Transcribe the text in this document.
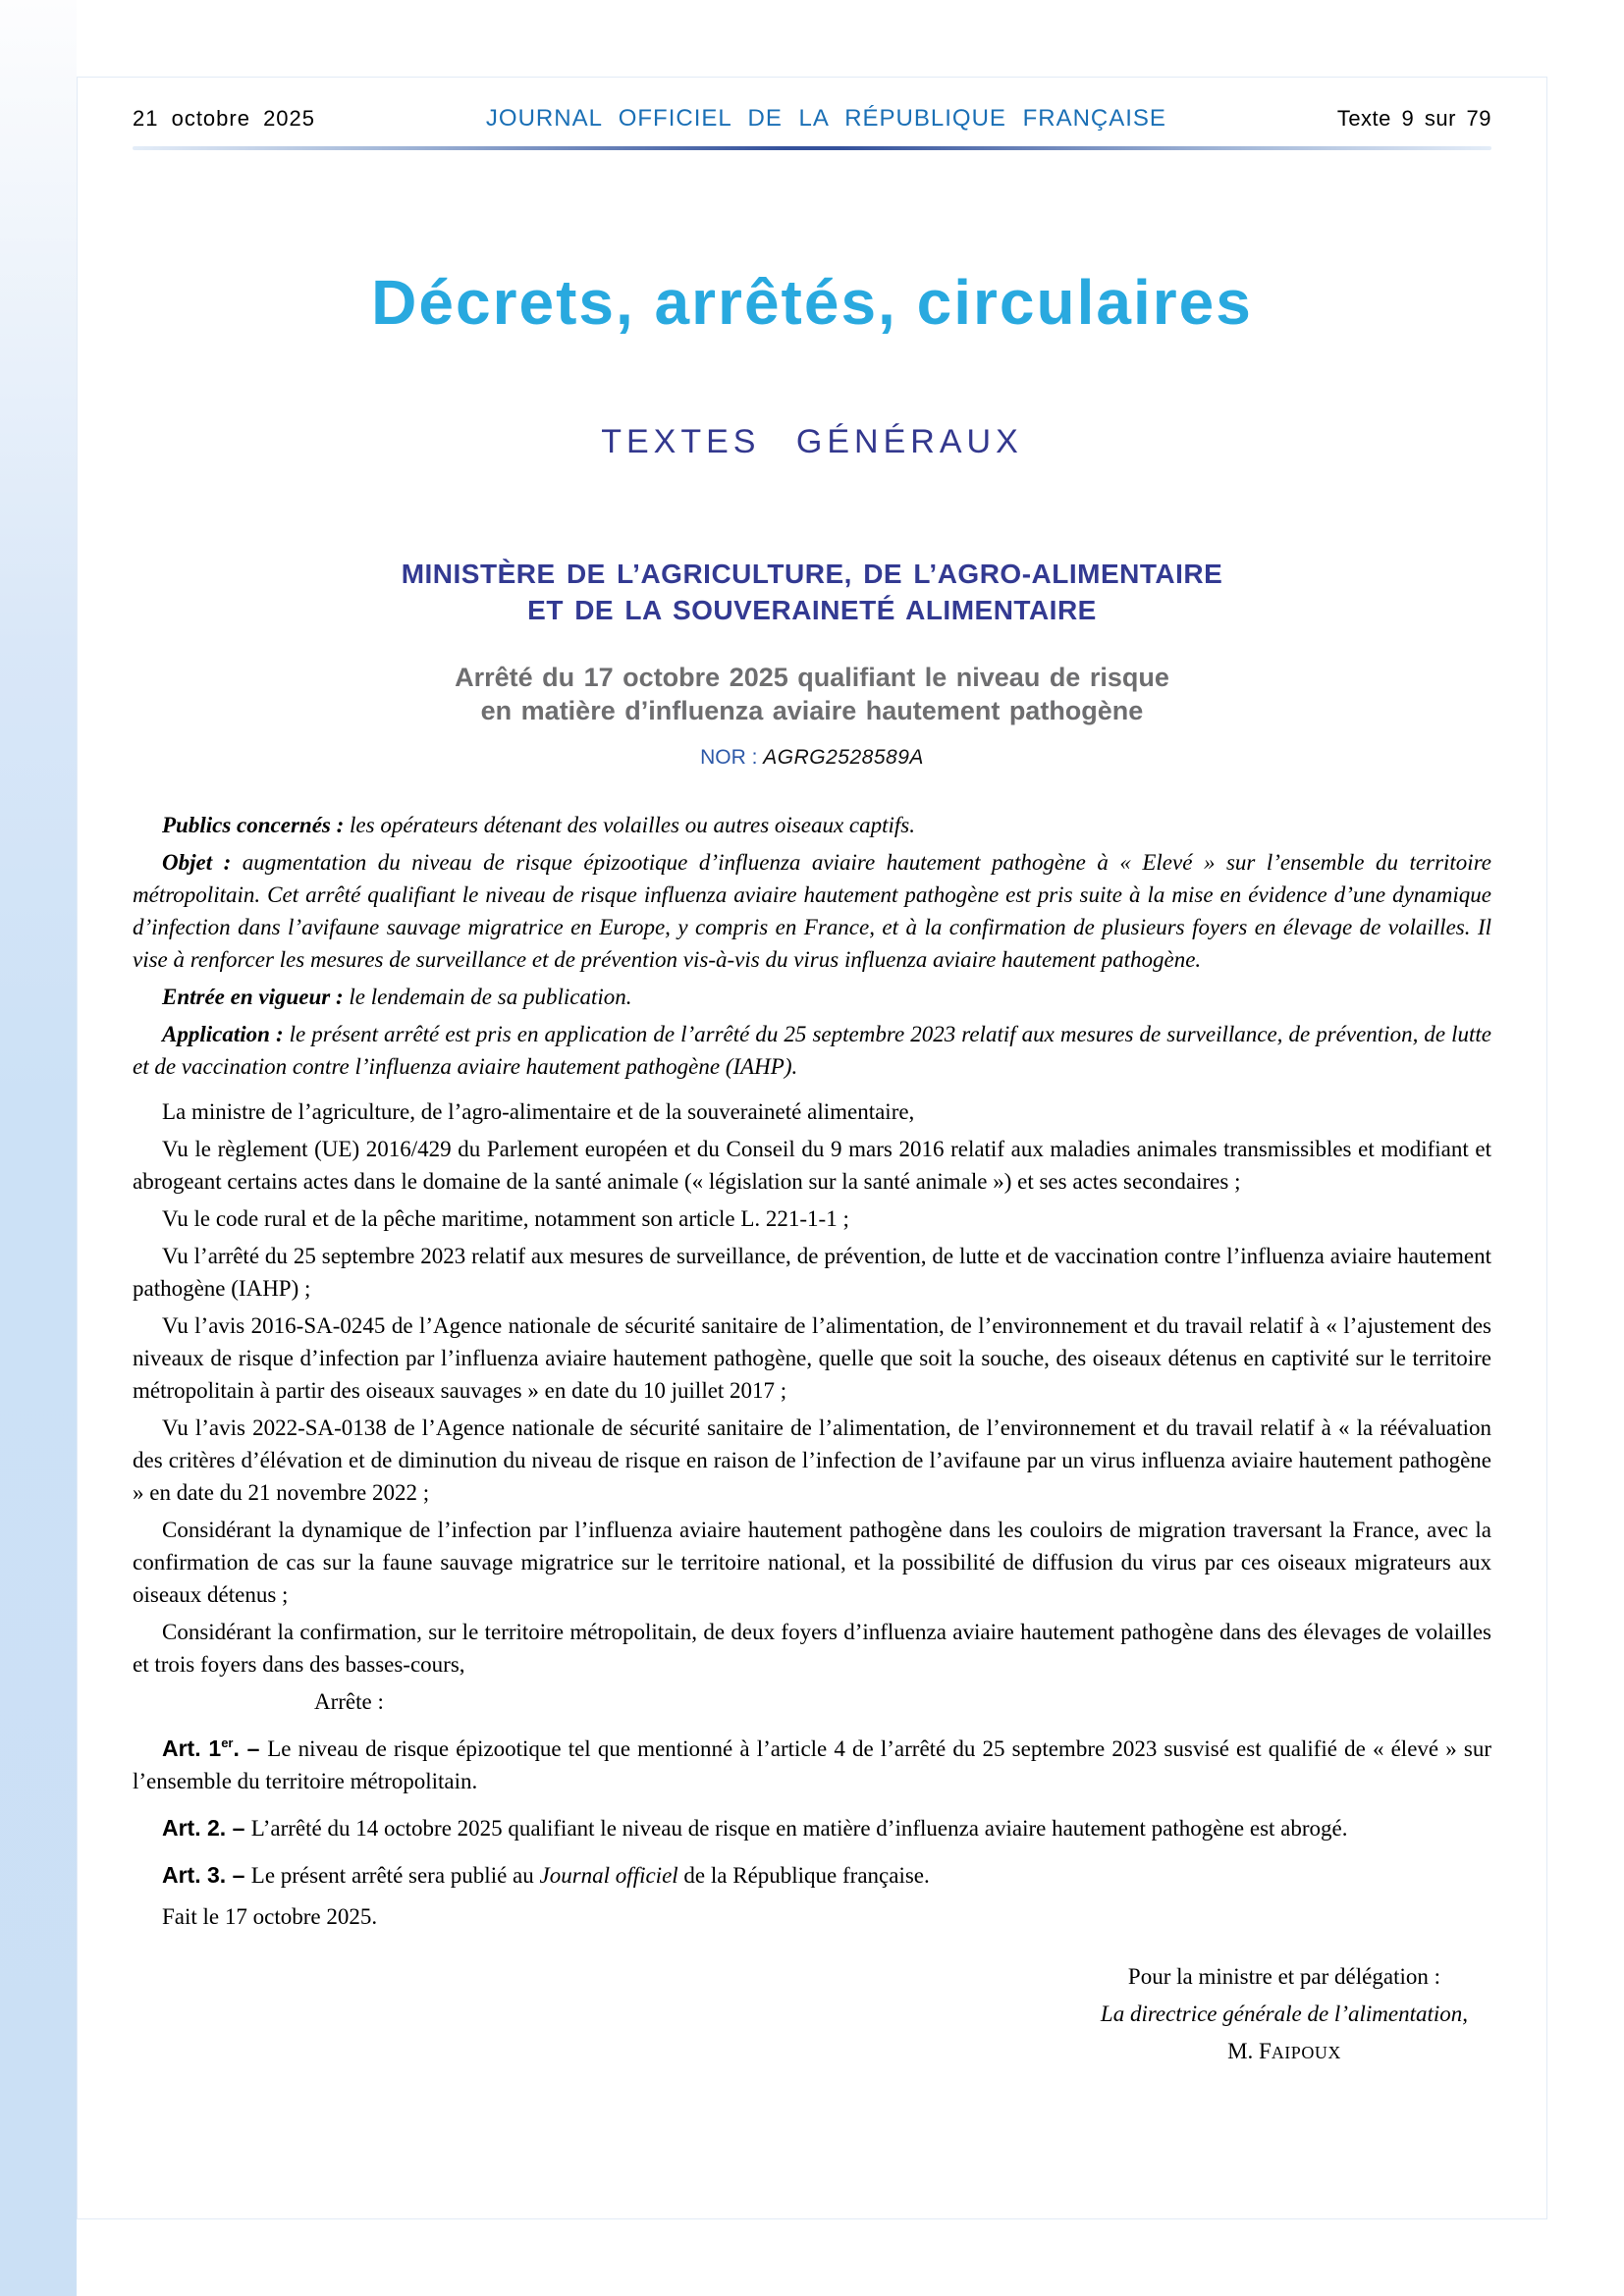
21 octobre 2025	JOURNAL OFFICIEL DE LA RÉPUBLIQUE FRANÇAISE	Texte 9 sur 79
Décrets, arrêtés, circulaires
TEXTES GÉNÉRAUX
MINISTÈRE DE L’AGRICULTURE, DE L’AGRO-ALIMENTAIRE
ET DE LA SOUVERAINETÉ ALIMENTAIRE
Arrêté du 17 octobre 2025 qualifiant le niveau de risque
en matière d’influenza aviaire hautement pathogène
NOR : AGRG2528589A

Publics concernés : les opérateurs détenant des volailles ou autres oiseaux captifs.

Objet : augmentation du niveau de risque épizootique d’influenza aviaire hautement pathogène à « Elevé » sur l’ensemble du territoire métropolitain. Cet arrêté qualifiant le niveau de risque influenza aviaire hautement pathogène est pris suite à la mise en évidence d’une dynamique d’infection dans l’avifaune sauvage migratrice en Europe, y compris en France, et à la confirmation de plusieurs foyers en élevage de volailles. Il vise à renforcer les mesures de surveillance et de prévention vis-à-vis du virus influenza aviaire hautement pathogène.

Entrée en vigueur : le lendemain de sa publication.

Application : le présent arrêté est pris en application de l’arrêté du 25 septembre 2023 relatif aux mesures de surveillance, de prévention, de lutte et de vaccination contre l’influenza aviaire hautement pathogène (IAHP).

La ministre de l’agriculture, de l’agro-alimentaire et de la souveraineté alimentaire,

Vu le règlement (UE) 2016/429 du Parlement européen et du Conseil du 9 mars 2016 relatif aux maladies animales transmissibles et modifiant et abrogeant certains actes dans le domaine de la santé animale (« législation sur la santé animale ») et ses actes secondaires ;

Vu le code rural et de la pêche maritime, notamment son article L. 221-1-1 ;

Vu l’arrêté du 25 septembre 2023 relatif aux mesures de surveillance, de prévention, de lutte et de vaccination contre l’influenza aviaire hautement pathogène (IAHP) ;

Vu l’avis 2016-SA-0245 de l’Agence nationale de sécurité sanitaire de l’alimentation, de l’environnement et du travail relatif à « l’ajustement des niveaux de risque d’infection par l’influenza aviaire hautement pathogène, quelle que soit la souche, des oiseaux détenus en captivité sur le territoire métropolitain à partir des oiseaux sauvages » en date du 10 juillet 2017 ;

Vu l’avis 2022-SA-0138 de l’Agence nationale de sécurité sanitaire de l’alimentation, de l’environnement et du travail relatif à « la réévaluation des critères d’élévation et de diminution du niveau de risque en raison de l’infection de l’avifaune par un virus influenza aviaire hautement pathogène » en date du 21 novembre 2022 ;

Considérant la dynamique de l’infection par l’influenza aviaire hautement pathogène dans les couloirs de migration traversant la France, avec la confirmation de cas sur la faune sauvage migratrice sur le territoire national, et la possibilité de diffusion du virus par ces oiseaux migrateurs aux oiseaux détenus ;

Considérant la confirmation, sur le territoire métropolitain, de deux foyers d’influenza aviaire hautement pathogène dans des élevages de volailles et trois foyers dans des basses-cours,

Arrête :

Art. 1er. – Le niveau de risque épizootique tel que mentionné à l’article 4 de l’arrêté du 25 septembre 2023 susvisé est qualifié de « élevé » sur l’ensemble du territoire métropolitain.

Art. 2. – L’arrêté du 14 octobre 2025 qualifiant le niveau de risque en matière d’influenza aviaire hautement pathogène est abrogé.

Art. 3. – Le présent arrêté sera publié au Journal officiel de la République française.

Fait le 17 octobre 2025.

Pour la ministre et par délégation :
La directrice générale de l’alimentation,
M. FAIPOUX
